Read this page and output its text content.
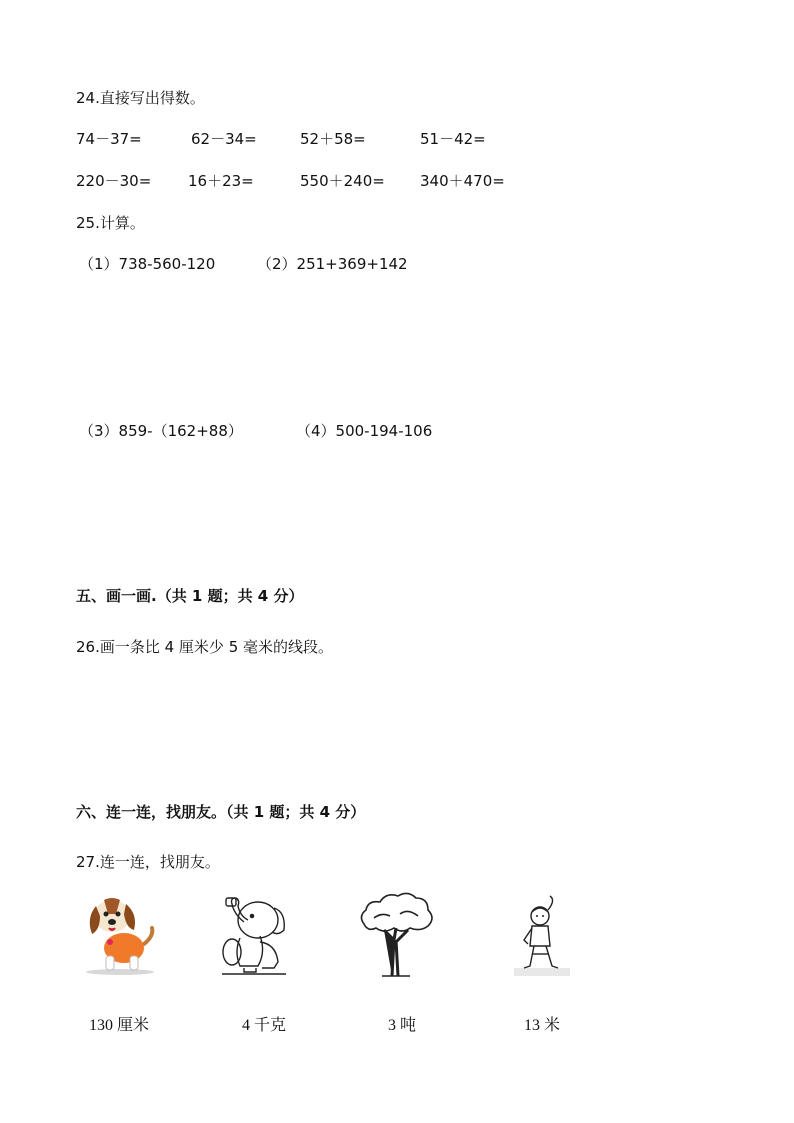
24.直接写出得数。
74－37=	62－34=	52＋58=	51－42=
220－30= 16＋23=	550＋240= 340＋470=
25.计算。
（1）738-560-120	（2）251+369+142
（3）859-（162+88）	（4）500-194-106
五、画一画.（共 1 题；共 4 分）
26.画一条比 4 厘米少 5 毫米的线段。
六、连一连，找朋友。（共 1 题；共 4 分）
27.连一连，找朋友。
130 厘米	4 千克	3 吨	13 米
